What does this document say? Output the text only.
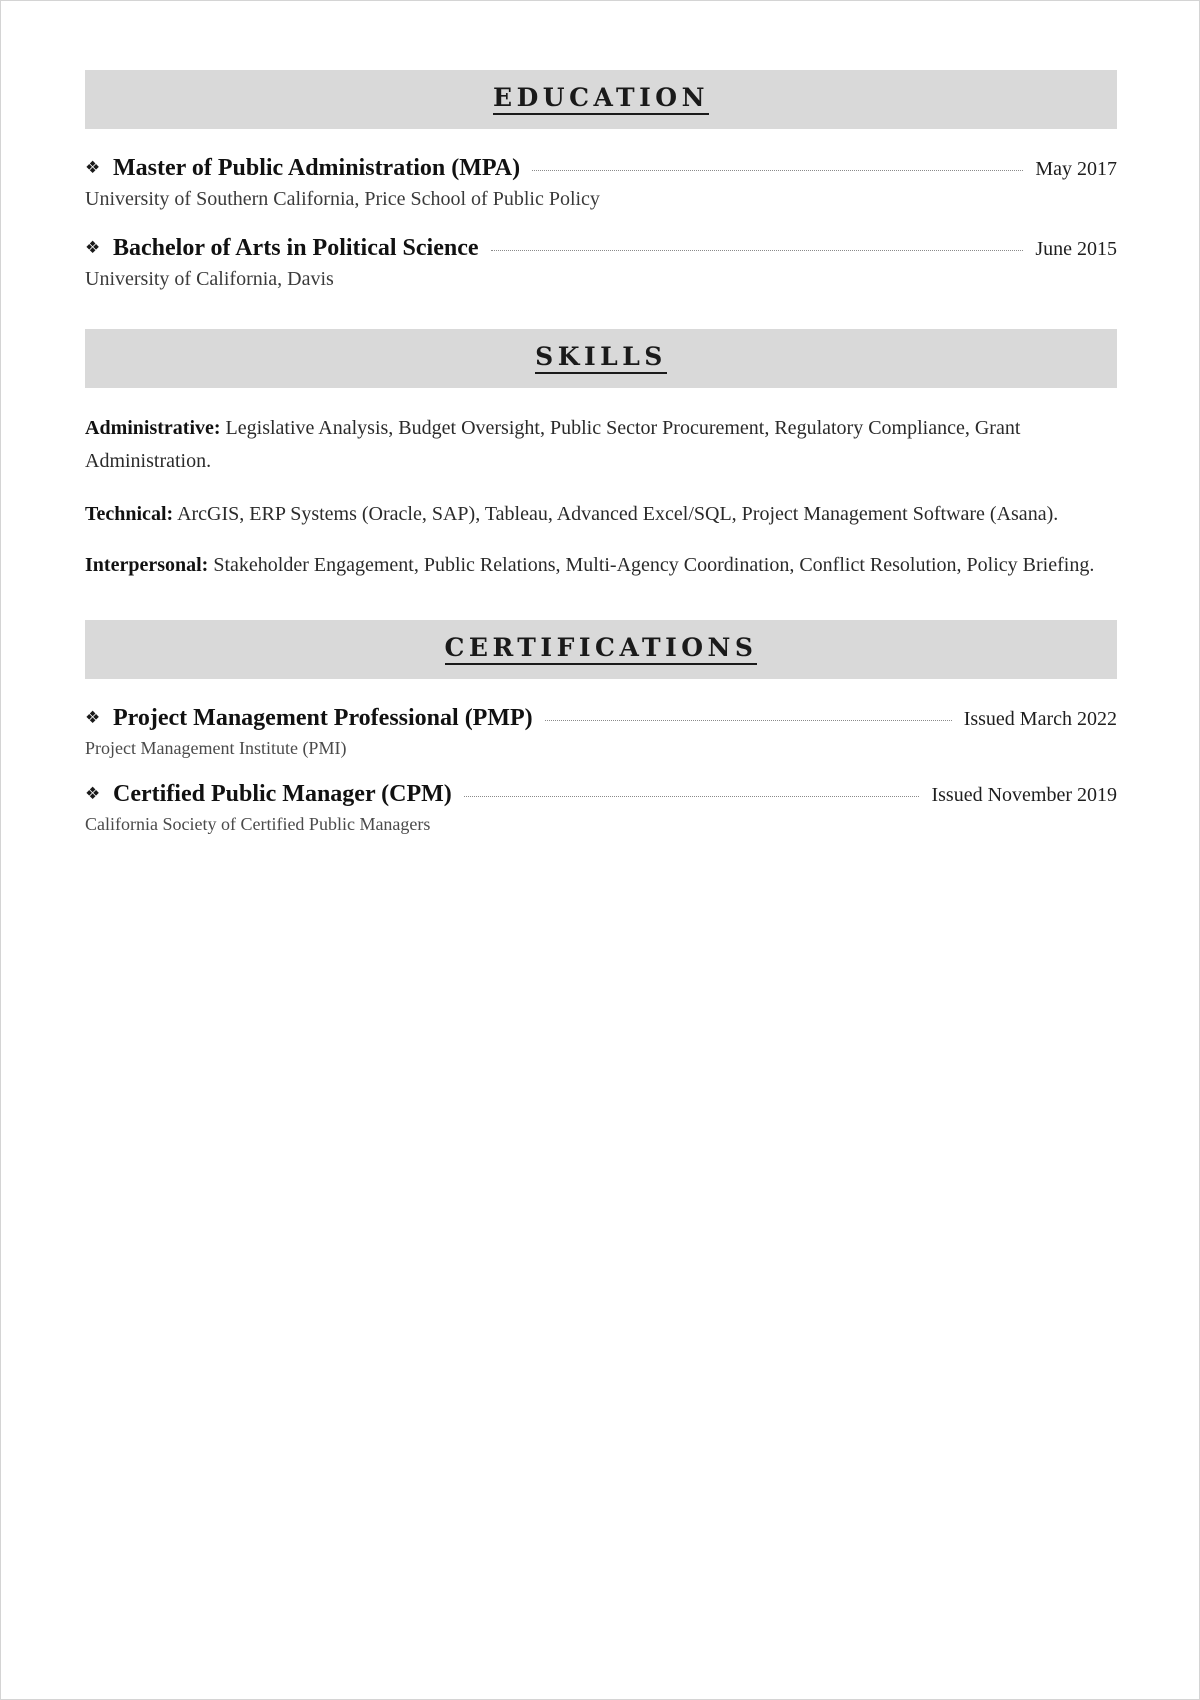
EDUCATION
❖ Master of Public Administration (MPA)	May 2017
University of Southern California, Price School of Public Policy
❖ Bachelor of Arts in Political Science	June 2015
University of California, Davis
SKILLS
Administrative: Legislative Analysis, Budget Oversight, Public Sector Procurement, Regulatory Compliance, Grant Administration.
Technical: ArcGIS, ERP Systems (Oracle, SAP), Tableau, Advanced Excel/SQL, Project Management Software (Asana).
Interpersonal: Stakeholder Engagement, Public Relations, Multi-Agency Coordination, Conflict Resolution, Policy Briefing.
CERTIFICATIONS
❖ Project Management Professional (PMP)	Issued March 2022
Project Management Institute (PMI)
❖ Certified Public Manager (CPM)	Issued November 2019
California Society of Certified Public Managers
